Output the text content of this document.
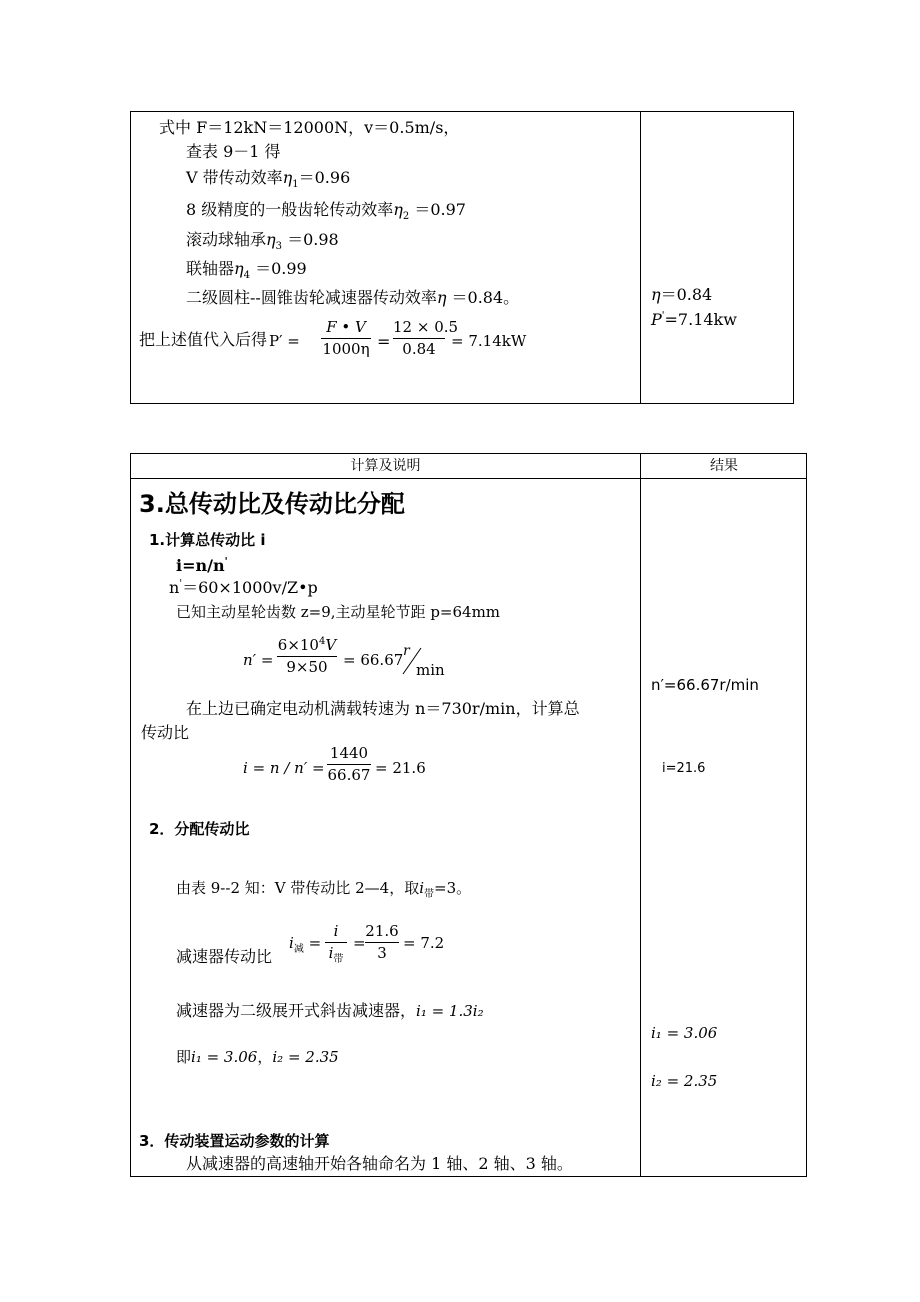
式中 F＝12kN＝12000N，v＝0.5m/s，
查表 9－1 得
V 带传动效率$\eta_1=0.96$
8 级精度的一般齿轮传动效率$\eta_2 =0.97$
滚动球轴承$\eta_3 =0.98$
联轴器$\eta_4 =0.99$
二级圆柱--圆锥齿轮减速器传动效率η ＝0.84。
把上述值代入后得 P′ =
F • V
1000η =
12 × 0.5
0.84	= 7.14kW
η＝0.84
P'=7.14kw
计算及说明	结果
3.总传动比及传动比分配
1.计算总传动比 i
i=n/n'
n'＝60×1000v/Z•p
已知主动星轮齿数 z=9,主动星轮节距 p=64mm
n′ =
$6\times 10^4V$
9×50	= 66.67 r
min
在上边已确定电动机满载转速为 n＝730r/min，计算总
传动比
i = n / n′ =
1440
66.67 = 21.6
2．分配传动比
由表 9--2 知：V 带传动比 2—4，取$i_带=3$。
减速器传动比
$i_减$ =
i
$i_带$
=
21.6
3
= 7.2
减速器为二级展开式斜齿减速器，i₁ = 1.3i₂
即i₁ = 3.06，i₂ = 2.35
3．传动装置运动参数的计算
从减速器的高速轴开始各轴命名为 1 轴、2 轴、3 轴。
n′=66.67r/min
i=21.6
i₁ = 3.06
i₂ = 2.35
